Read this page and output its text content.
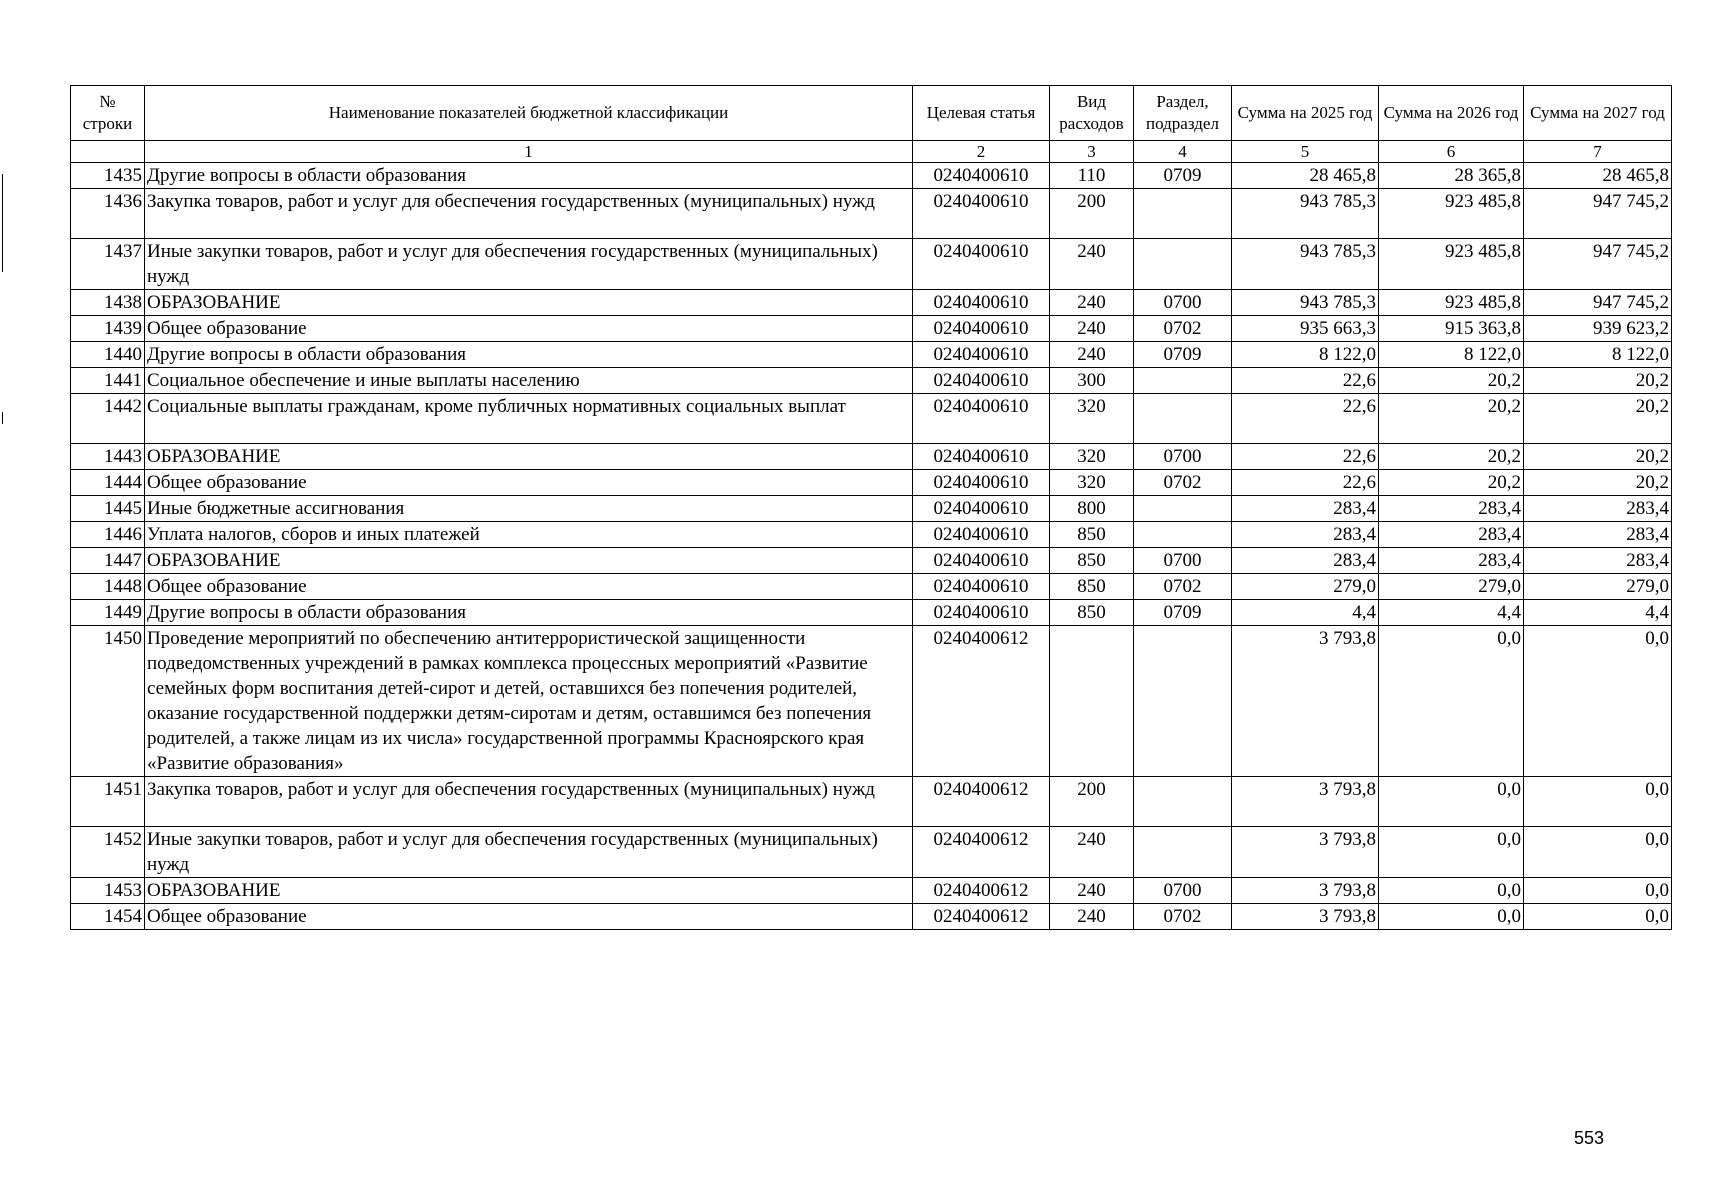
№
строки	Наименование показателей бюджетной классификации	Целевая статья	Вид расходов	Раздел, подраздел	Сумма на 2025 год	Сумма на 2026 год	Сумма на 2027 год
	1	2	3	4	5	6	7
1435	Другие вопросы в области образования	0240400610	110	0709	28 465,8	28 365,8	28 465,8
1436	Закупка товаров, работ и услуг для обеспечения государственных (муниципальных) нужд	0240400610	200		943 785,3	923 485,8	947 745,2
1437	Иные закупки товаров, работ и услуг для обеспечения государственных (муниципальных) нужд	0240400610	240		943 785,3	923 485,8	947 745,2
1438	ОБРАЗОВАНИЕ	0240400610	240	0700	943 785,3	923 485,8	947 745,2
1439	Общее образование	0240400610	240	0702	935 663,3	915 363,8	939 623,2
1440	Другие вопросы в области образования	0240400610	240	0709	8 122,0	8 122,0	8 122,0
1441	Социальное обеспечение и иные выплаты населению	0240400610	300		22,6	20,2	20,2
1442	Социальные выплаты гражданам, кроме публичных нормативных социальных выплат	0240400610	320		22,6	20,2	20,2
1443	ОБРАЗОВАНИЕ	0240400610	320	0700	22,6	20,2	20,2
1444	Общее образование	0240400610	320	0702	22,6	20,2	20,2
1445	Иные бюджетные ассигнования	0240400610	800		283,4	283,4	283,4
1446	Уплата налогов, сборов и иных платежей	0240400610	850		283,4	283,4	283,4
1447	ОБРАЗОВАНИЕ	0240400610	850	0700	283,4	283,4	283,4
1448	Общее образование	0240400610	850	0702	279,0	279,0	279,0
1449	Другие вопросы в области образования	0240400610	850	0709	4,4	4,4	4,4
1450	Проведение мероприятий по обеспечению антитеррористической защищенности подведомственных учреждений в рамках комплекса процессных мероприятий «Развитие семейных форм воспитания детей-сирот и детей, оставшихся без попечения родителей, оказание государственной поддержки детям-сиротам и детям, оставшимся без попечения родителей, а также лицам из их числа» государственной программы Красноярского края «Развитие образования»	0240400612			3 793,8	0,0	0,0
1451	Закупка товаров, работ и услуг для обеспечения государственных (муниципальных) нужд	0240400612	200		3 793,8	0,0	0,0
1452	Иные закупки товаров, работ и услуг для обеспечения государственных (муниципальных) нужд	0240400612	240		3 793,8	0,0	0,0
1453	ОБРАЗОВАНИЕ	0240400612	240	0700	3 793,8	0,0	0,0
1454	Общее образование	0240400612	240	0702	3 793,8	0,0	0,0
553
